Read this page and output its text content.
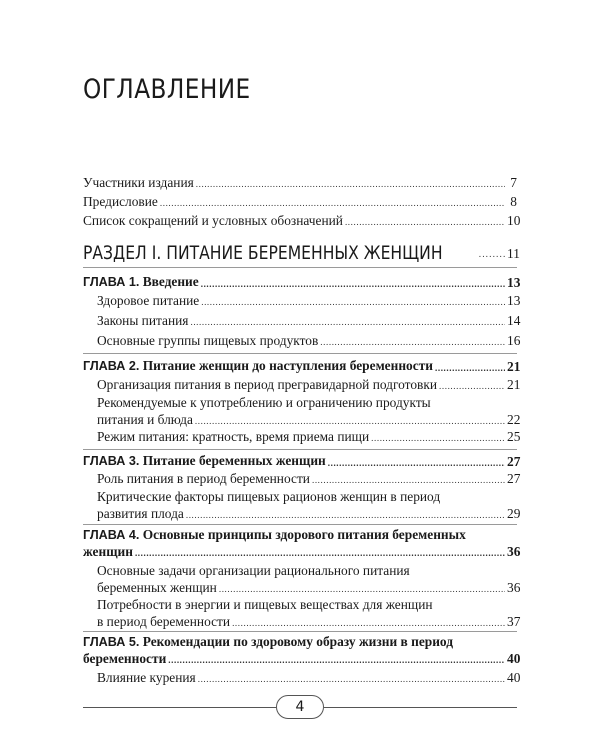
ОГЛАВЛЕНИЕ
Участники издания .....	7
Предисловие .....	8
Список сокращений и условных обозначений .....	10
РАЗДЕЛ I. ПИТАНИЕ БЕРЕМЕННЫХ ЖЕНЩИН .....	11
ГЛАВА 1. Введение .....	13
Здоровое питание .....	13
Законы питания .....	14
Основные группы пищевых продуктов .....	16
ГЛАВА 2. Питание женщин до наступления беременности .....	21
Организация питания в период прегравидарной подготовки .....	21
Рекомендуемые к употреблению и ограничению продукты
питания и блюда .....	22
Режим питания: кратность, время приема пищи .....	25
ГЛАВА 3. Питание беременных женщин .....	27
Роль питания в период беременности .....	27
Критические факторы пищевых рационов женщин в период
развития плода .....	29
ГЛАВА 4. Основные принципы здорового питания беременных
женщин .....	36
Основные задачи организации рационального питания
беременных женщин .....	36
Потребности в энергии и пищевых веществах для женщин
в период беременности .....	37
ГЛАВА 5. Рекомендации по здоровому образу жизни в период
беременности .....	40
Влияние курения .....	40
4
